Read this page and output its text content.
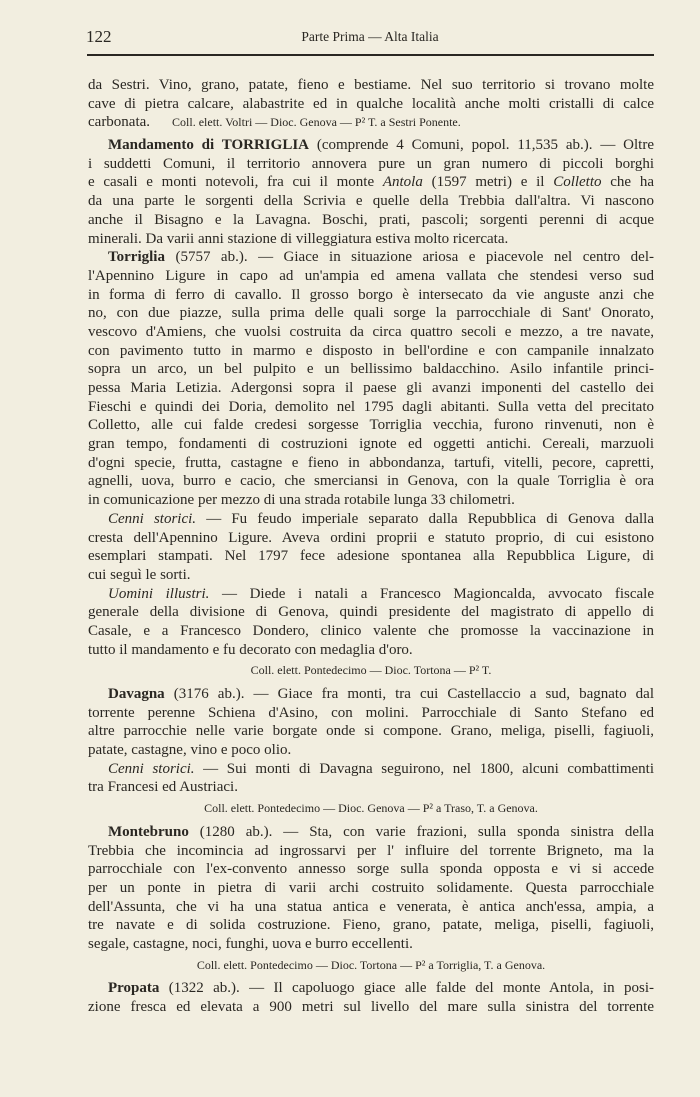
122	Parte Prima — Alta Italia
da Sestri. Vino, grano, patate, fieno e bestiame. Nel suo territorio si trovano molte
cave di pietra calcare, alabastrite ed in qualche località anche molti cristalli di calce
carbonata. Coll. elett. Voltri — Dioc. Genova — P² T. a Sestri Ponente.
Mandamento di TORRIGLIA (comprende 4 Comuni, popol. 11,535 ab.). — Oltre
i suddetti Comuni, il territorio annovera pure un gran numero di piccoli borghi
e casali e monti notevoli, fra cui il monte Antola (1597 metri) e il Colletto che ha
da una parte le sorgenti della Scrivia e quelle della Trebbia dall'altra. Vi nascono
anche il Bisagno e la Lavagna. Boschi, prati, pascoli; sorgenti perenni di acque
minerali. Da varii anni stazione di villeggiatura estiva molto ricercata.
Torriglia (5757 ab.). — Giace in situazione ariosa e piacevole nel centro del-
l'Apennino Ligure in capo ad un'ampia ed amena vallata che stendesi verso sud
in forma di ferro di cavallo. Il grosso borgo è intersecato da vie anguste anzi che
no, con due piazze, sulla prima delle quali sorge la parrocchiale di Sant' Onorato,
vescovo d'Amiens, che vuolsi costruita da circa quattro secoli e mezzo, a tre navate,
con pavimento tutto in marmo e disposto in bell'ordine e con campanile innalzato
sopra un arco, un bel pulpito e un bellissimo baldacchino. Asilo infantile princi-
pessa Maria Letizia. Adergonsi sopra il paese gli avanzi imponenti del castello dei
Fieschi e quindi dei Doria, demolito nel 1795 dagli abitanti. Sulla vetta del precitato
Colletto, alle cui falde credesi sorgesse Torriglia vecchia, furono rinvenuti, non è
gran tempo, fondamenti di costruzioni ignote ed oggetti antichi. Cereali, marzuoli
d'ogni specie, frutta, castagne e fieno in abbondanza, tartufi, vitelli, pecore, capretti,
agnelli, uova, burro e cacio, che smerciansi in Genova, con la quale Torriglia è ora
in comunicazione per mezzo di una strada rotabile lunga 33 chilometri.
Cenni storici. — Fu feudo imperiale separato dalla Repubblica di Genova dalla
cresta dell'Apennino Ligure. Aveva ordini proprii e statuto proprio, di cui esistono
esemplari stampati. Nel 1797 fece adesione spontanea alla Repubblica Ligure, di
cui seguì le sorti.
Uomini illustri. — Diede i natali a Francesco Magioncalda, avvocato fiscale
generale della divisione di Genova, quindi presidente del magistrato di appello di
Casale, e a Francesco Dondero, clinico valente che promosse la vaccinazione in
tutto il mandamento e fu decorato con medaglia d'oro.
Coll. elett. Pontedecimo — Dioc. Tortona — P² T.
Davagna (3176 ab.). — Giace fra monti, tra cui Castellaccio a sud, bagnato dal
torrente perenne Schiena d'Asino, con molini. Parrocchiale di Santo Stefano ed
altre parrocchie nelle varie borgate onde si compone. Grano, meliga, piselli, fagiuoli,
patate, castagne, vino e poco olio.
Cenni storici. — Sui monti di Davagna seguirono, nel 1800, alcuni combattimenti
tra Francesi ed Austriaci.
Coll. elett. Pontedecimo — Dioc. Genova — P² a Traso, T. a Genova.
Montebruno (1280 ab.). — Sta, con varie frazioni, sulla sponda sinistra della
Trebbia che incomincia ad ingrossarvi per l' influire del torrente Brigneto, ma la
parrocchiale con l'ex-convento annesso sorge sulla sponda opposta e vi si accede
per un ponte in pietra di varii archi costruito solidamente. Questa parrocchiale
dell'Assunta, che vi ha una statua antica e venerata, è antica anch'essa, ampia, a
tre navate e di solida costruzione. Fieno, grano, patate, meliga, piselli, fagiuoli,
segale, castagne, noci, funghi, uova e burro eccellenti.
Coll. elett. Pontedecimo — Dioc. Tortona — P² a Torriglia, T. a Genova.
Propata (1322 ab.). — Il capoluogo giace alle falde del monte Antola, in posi-
zione fresca ed elevata a 900 metri sul livello del mare sulla sinistra del torrente
